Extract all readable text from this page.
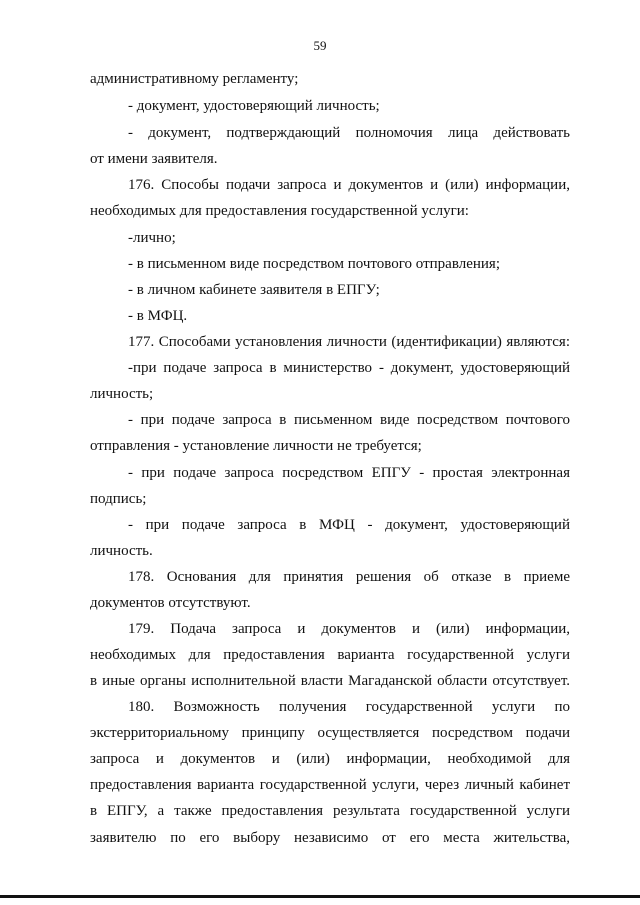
59
административному регламенту;
- документ, удостоверяющий личность;
- документ, подтверждающий полномочия лица действовать
от имени заявителя.
176. Способы подачи запроса и документов и (или) информации,
необходимых для предоставления государственной услуги:
-лично;
- в письменном виде посредством почтового отправления;
- в личном кабинете заявителя в ЕПГУ;
- в МФЦ.
177. Способами установления личности (идентификации) являются:
-при подаче запроса в министерство - документ, удостоверяющий
личность;
- при подаче запроса в письменном виде посредством почтового
отправления - установление личности не требуется;
- при подаче запроса посредством ЕПГУ - простая электронная
подпись;
- при подаче запроса в МФЦ - документ, удостоверяющий
личность.
178. Основания для принятия решения об отказе в приеме
документов отсутствуют.
179. Подача запроса и документов и (или) информации,
необходимых для предоставления варианта государственной услуги
в иные органы исполнительной власти Магаданской области отсутствует.
180. Возможность получения государственной услуги по
экстерриториальному принципу осуществляется посредством подачи
запроса и документов и (или) информации, необходимой для
предоставления варианта государственной услуги, через личный кабинет
в ЕПГУ, а также предоставления результата государственной услуги
заявителю по его выбору независимо от его места жительства,
